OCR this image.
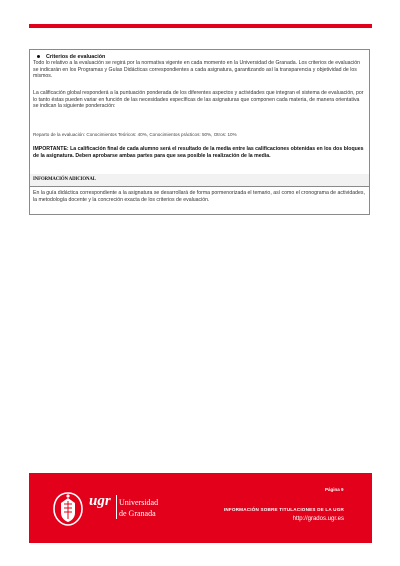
Criterios de evaluación
Todo lo relativo a la evaluación se regirá por la normativa vigente en cada momento en la Universidad de Granada. Los criterios de evaluación se indicarán en los Programas y Guías Didácticas correspondientes a cada asignatura, garantizando así la transparencia y objetividad de los mismos.
La calificación global responderá a la puntuación ponderada de los diferentes aspectos y actividades que integran el sistema de evaluación, por lo tanto éstas pueden variar en función de las necesidades específicas de las asignaturas que componen cada materia, de manera orientativa se indican la siguiente ponderación:
Reparto de la evaluación: Conocimientos Teóricos: 40%, Conocimientos prácticos: 50%, Otros: 10%
IMPORTANTE: La calificación final de cada alumno será el resultado de la media entre las calificaciones obtenidas en los dos bloques de la asignatura. Deben aprobarse ambas partes para que sea posible la realización de la media.
INFORMACIÓN ADICIONAL
En la guía didáctica correspondiente a la asignatura se desarrollará de forma pormenorizada el temario, así como el cronograma de actividades, la metodología docente y la concreción exacta de los criterios de evaluación.
Página 9
ugr Universidad
de Granada	INFORMACIÓN SOBRE TITULACIONES DE LA UGR
http://grados.ugr.es
